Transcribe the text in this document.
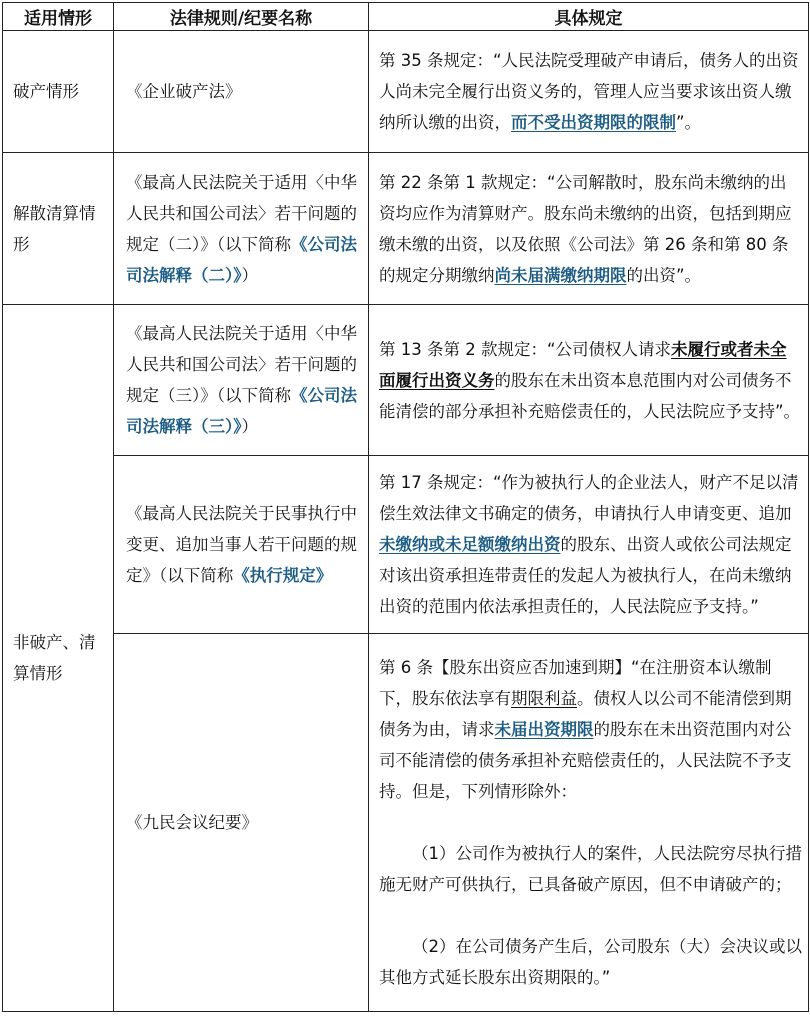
适用情形	法律规则/纪要名称	具体规定
破产情形	《企业破产法》	第 35 条规定：“人民法院受理破产申请后，债务人的出资人尚未完全履行出资义务的，管理人应当要求该出资人缴纳所认缴的出资，而不受出资期限的限制”。
解散清算情形	《最高人民法院关于适用〈中华人民共和国公司法〉若干问题的规定（二）》（以下简称《公司法司法解释（二）》）	第 22 条第 1 款规定：“公司解散时，股东尚未缴纳的出资均应作为清算财产。股东尚未缴纳的出资，包括到期应缴未缴的出资，以及依照《公司法》第 26 条和第 80 条的规定分期缴纳尚未届满缴纳期限的出资”。
非破产、清算情形	《最高人民法院关于适用〈中华人民共和国公司法〉若干问题的规定（三）》（以下简称《公司法司法解释（三）》）	第 13 条第 2 款规定：“公司债权人请求未履行或者未全面履行出资义务的股东在未出资本息范围内对公司债务不能清偿的部分承担补充赔偿责任的，人民法院应予支持”。
	《最高人民法院关于民事执行中变更、追加当事人若干问题的规定》（以下简称《执行规定》	第 17 条规定：“作为被执行人的企业法人，财产不足以清偿生效法律文书确定的债务，申请执行人申请变更、追加未缴纳或未足额缴纳出资的股东、出资人或依公司法规定对该出资承担连带责任的发起人为被执行人，在尚未缴纳出资的范围内依法承担责任的，人民法院应予支持。”
	《九民会议纪要》	第 6 条【股东出资应否加速到期】“在注册资本认缴制下，股东依法享有期限利益。债权人以公司不能清偿到期债务为由，请求未届出资期限的股东在未出资范围内对公司不能清偿的债务承担补充赔偿责任的，人民法院不予支持。但是，下列情形除外：
（1）公司作为被执行人的案件，人民法院穷尽执行措施无财产可供执行，已具备破产原因，但不申请破产的；
（2）在公司债务产生后，公司股东（大）会决议或以其他方式延长股东出资期限的。”
